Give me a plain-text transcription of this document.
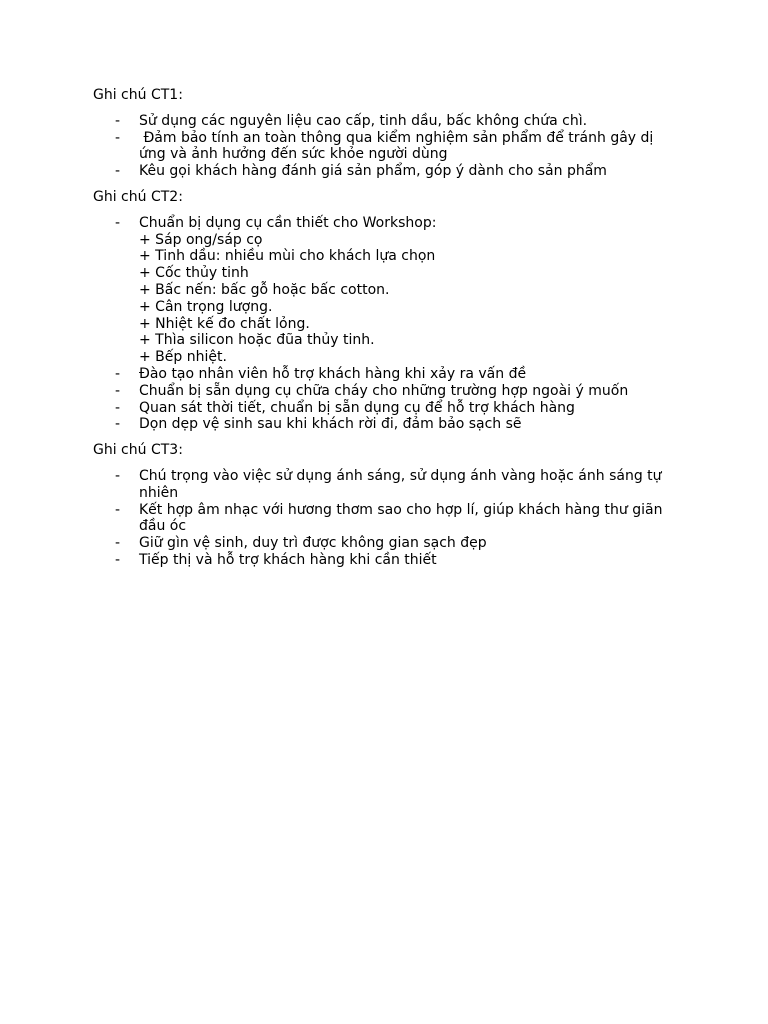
Ghi chú CT1:

- Sử dụng các nguyên liệu cao cấp, tinh dầu, bấc không chứa chì.
- Đảm bảo tính an toàn thông qua kiểm nghiệm sản phẩm để tránh gây dị ứng và ảnh hưởng đến sức khỏe người dùng
- Kêu gọi khách hàng đánh giá sản phẩm, góp ý dành cho sản phẩm

Ghi chú CT2:

- Chuẩn bị dụng cụ cần thiết cho Workshop:
+ Sáp ong/sáp cọ
+ Tinh dầu: nhiều mùi cho khách lựa chọn
+ Cốc thủy tinh
+ Bấc nến: bấc gỗ hoặc bấc cotton.
+ Cân trọng lượng.
+ Nhiệt kế đo chất lỏng.
+ Thìa silicon hoặc đũa thủy tinh.
+ Bếp nhiệt.
- Đào tạo nhân viên hỗ trợ khách hàng khi xảy ra vấn đề
- Chuẩn bị sẵn dụng cụ chữa cháy cho những trường hợp ngoài ý muốn
- Quan sát thời tiết, chuẩn bị sẵn dụng cụ để hỗ trợ khách hàng
- Dọn dẹp vệ sinh sau khi khách rời đi, đảm bảo sạch sẽ

Ghi chú CT3:

- Chú trọng vào việc sử dụng ánh sáng, sử dụng ánh vàng hoặc ánh sáng tự nhiên
- Kết hợp âm nhạc với hương thơm sao cho hợp lí, giúp khách hàng thư giãn đầu óc
- Giữ gìn vệ sinh, duy trì được không gian sạch đẹp
- Tiếp thị và hỗ trợ khách hàng khi cần thiết
